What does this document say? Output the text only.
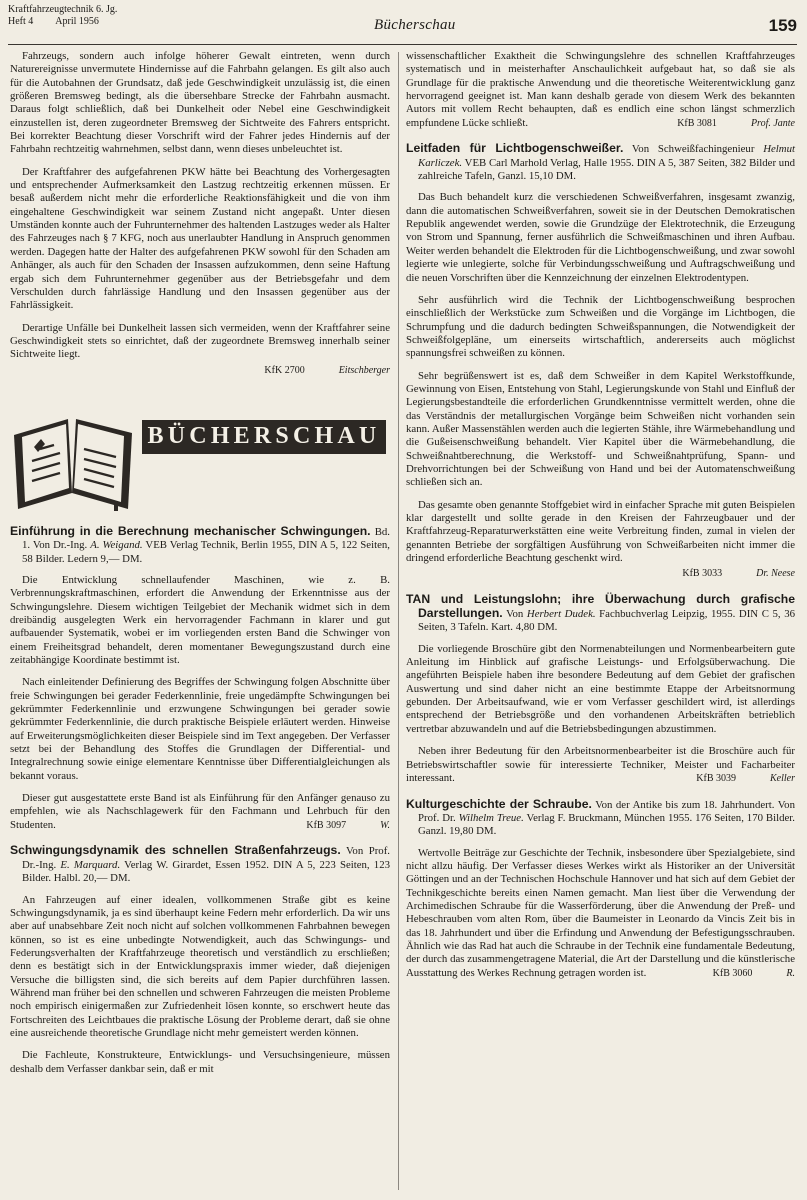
Kraftfahrzeugtechnik 6. Jg.
Heft 4 April 1956	Bücherschau	159

Fahrzeugs, sondern auch infolge höherer Gewalt eintreten, wenn durch Naturereignisse unvermutete Hindernisse auf die Fahrbahn gelangen. Es gilt also auch für die Autobahnen der Grundsatz, daß jede Geschwindigkeit unzulässig ist, die einen größeren Bremsweg bedingt, als die übersehbare Strecke der Fahrbahn ausmacht. Daraus folgt schließlich, daß bei Dunkelheit oder Nebel eine Geschwindigkeit einzustellen ist, deren zugeordneter Bremsweg der Sichtweite des Fahrers entspricht. Bei korrekter Beachtung dieser Vorschrift wird der Fahrer jedes Hindernis auf der Fahrbahn rechtzeitig wahrnehmen, selbst dann, wenn dieses unbeleuchtet ist.

Der Kraftfahrer des aufgefahrenen PKW hätte bei Beachtung des Vorhergesagten und entsprechender Aufmerksamkeit den Lastzug rechtzeitig erkennen müssen. Er besaß außerdem nicht mehr die erforderliche Reaktionsfähigkeit und die von ihm eingehaltene Geschwindigkeit war seinem Zustand nicht angepaßt. Unter diesen Umständen konnte auch der Fuhrunternehmer des haltenden Lastzuges weder als Halter des Fahrzeuges nach § 7 KFG, noch aus unerlaubter Handlung in Anspruch genommen werden. Dagegen hatte der Halter des aufgefahrenen PKW sowohl für den Schaden am Anhänger, als auch für den Schaden der Insassen aufzukommen, denn seine Haftung ergab sich dem Fuhrunternehmer gegenüber aus der Betriebsgefahr und dem Verschulden durch fahrlässige Handlung und den Insassen gegenüber aus der Fahrlässigkeit.

Derartige Unfälle bei Dunkelheit lassen sich vermeiden, wenn der Kraftfahrer seine Geschwindigkeit stets so einrichtet, daß der zugeordnete Bremsweg innerhalb seiner Sichtweite liegt.

KfK 2700	Eitschberger
BÜCHERSCHAU
Einführung in die Berechnung mechanischer Schwingungen. Bd. 1. Von Dr.-Ing. A. Weigand. VEB Verlag Technik, Berlin 1955, DIN A 5, 122 Seiten, 58 Bilder. Ledern 9,— DM.

Die Entwicklung schnellaufender Maschinen, wie z. B. Verbrennungskraftmaschinen, erfordert die Anwendung der Erkenntnisse aus der Schwingungslehre. Diesem wichtigen Teilgebiet der Mechanik widmet sich in dem dreibändig ausgelegten Werk ein hervorragender Fachmann in klarer und gut aufbauender Systematik, wobei er im vorliegenden ersten Band die Schwinger von einem Freiheitsgrad behandelt, deren momentaner Bewegungszustand durch eine zeitabhängige Koordinate bestimmt ist.

Nach einleitender Definierung des Begriffes der Schwingung folgen Abschnitte über freie Schwingungen bei gerader Federkennlinie, freie ungedämpfte Schwingungen bei gekrümmter Federkennlinie und erzwungene Schwingungen bei gerader sowie gekrümmter Federkennlinie, die durch praktische Beispiele erläutert werden. Hinweise auf Erweiterungsmöglichkeiten dieser Beispiele sind im Text angegeben. Der Verfasser setzt bei der Behandlung des Stoffes die Grundlagen der Differential- und Integralrechnung sowie einige elementare Kenntnisse über Differentialgleichungen als bekannt voraus.

Dieser gut ausgestattete erste Band ist als Einführung für den Anfänger genauso zu empfehlen, wie als Nachschlagewerk für den Fachmann und Lehrbuch für den Studenten.	KfB 3097	W.
Schwingungsdynamik des schnellen Straßenfahrzeugs. Von Prof. Dr.-Ing. E. Marquard. Verlag W. Girardet, Essen 1952. DIN A 5, 223 Seiten, 123 Bilder. Halbl. 20,— DM.

An Fahrzeugen auf einer idealen, vollkommenen Straße gibt es keine Schwingungsdynamik, ja es sind überhaupt keine Federn mehr erforderlich. Da wir uns aber auf unabsehbare Zeit noch nicht auf solchen vollkommenen Fahrbahnen bewegen können, so ist es eine unbedingte Notwendigkeit, auch das Schwingungs- und Federungsverhalten der Kraftfahrzeuge theoretisch und verständlich zu erschließen; denn es bestätigt sich in der Entwicklungspraxis immer wieder, daß diejenigen Versuche die billigsten sind, die sich bereits auf dem Papier durchführen lassen. Während man früher bei den schnellen und schweren Fahrzeugen die meisten Probleme noch empirisch einigermaßen zur Zufriedenheit lösen konnte, so erschwert heute das Fortschreiten des Leichtbaues die praktische Lösung der Probleme derart, daß sie ohne eine ausreichende theoretische Grundlage nicht mehr gemeistert werden können.

Die Fachleute, Konstrukteure, Entwicklungs- und Versuchsingenieure, müssen deshalb dem Verfasser dankbar sein, daß er mit

wissenschaftlicher Exaktheit die Schwingungslehre des schnellen Kraftfahrzeuges systematisch und in meisterhafter Anschaulichkeit aufgebaut hat, so daß sie als Grundlage für die praktische Anwendung und die theoretische Weiterentwicklung ganz hervorragend geeignet ist. Man kann deshalb gerade von diesem Werk des bekannten Autors mit vollem Recht behaupten, daß es endlich eine schon längst schmerzlich empfundene Lücke schließt.	KfB 3081	Prof. Jante
Leitfaden für Lichtbogenschweißer. Von Schweißfachingenieur Helmut Karliczek. VEB Carl Marhold Verlag, Halle 1955. DIN A 5, 387 Seiten, 382 Bilder und zahlreiche Tafeln, Ganzl. 15,10 DM.

Das Buch behandelt kurz die verschiedenen Schweißverfahren, insgesamt zwanzig, dann die automatischen Schweißverfahren, soweit sie in der Deutschen Demokratischen Republik angewendet werden, sowie die Grundzüge der Elektrotechnik, die Erzeugung von Strom und Spannung, ferner ausführlich die Schweißmaschinen und ihren Aufbau. Weiter werden behandelt die Elektroden für die Lichtbogenschweißung, und zwar sowohl legierte wie unlegierte, solche für Verbindungsschweißung und Auftragschweißung und die neuen Vorschriften über die Kennzeichnung der einzelnen Elektrodentypen.

Sehr ausführlich wird die Technik der Lichtbogenschweißung besprochen einschließlich der Werkstücke zum Schweißen und die Vorgänge im Lichtbogen, die Schrumpfung und die dadurch bedingten Schweißspannungen, die Notwendigkeit der Schweißfolgepläne, um einerseits wirtschaftlich, andererseits auch möglichst spannungsfrei schweißen zu können.

Sehr begrüßenswert ist es, daß dem Schweißer in dem Kapitel Werkstoffkunde, Gewinnung von Eisen, Entstehung von Stahl, Legierungskunde von Stahl und Einfluß der Legierungsbestandteile die erforderlichen Grundkenntnisse vermittelt werden, ohne die das Verständnis der metallurgischen Vorgänge beim Schweißen nicht vorhanden sein kann. Außer Massenstählen werden auch die legierten Stähle, ihre Wärmebehandlung und die Gußeisenschweißung behandelt. Vier Kapitel über die Wärmebehandlung, die Schweißnahtberechnung, die Werkstoff- und Schweißnahtprüfung, Spann- und Drehvorrichtungen bei der Schweißung von Hand und bei der Automatenschweißung schließen sich an.

Das gesamte oben genannte Stoffgebiet wird in einfacher Sprache mit guten Beispielen klar dargestellt und sollte gerade in den Kreisen der Fahrzeugbauer und der Kraftfahrzeug-Reparaturwerkstätten eine weite Verbreitung finden, zumal in vielen der genannten Betriebe der sorgfältigen Ausführung von Schweißarbeiten nicht immer die dringend erforderliche Beachtung geschenkt wird.

KfB 3033	Dr. Neese
TAN und Leistungslohn; ihre Überwachung durch grafische Darstellungen. Von Herbert Dudek. Fachbuchverlag Leipzig, 1955. DIN C 5, 36 Seiten, 3 Tafeln. Kart. 4,80 DM.

Die vorliegende Broschüre gibt den Normenabteilungen und Normenbearbeitern gute Anleitung im Hinblick auf grafische Leistungs- und Erfolgsüberwachung. Die angeführten Beispiele haben ihre besondere Bedeutung auf dem Gebiet der grafischen Auswertung und sind daher nicht an eine bestimmte Etappe der Arbeitsnormung gebunden. Der Arbeitsaufwand, wie er vom Verfasser geschildert wird, ist allerdings entsprechend der Betriebsgröße und den vorhandenen Arbeitskräften betrieblich vertretbar abzuwandeln und auf die Betriebsbedingungen abzustimmen.

Neben ihrer Bedeutung für den Arbeitsnormenbearbeiter ist die Broschüre auch für Betriebswirtschaftler sowie für interessierte Techniker, Meister und Facharbeiter interessant.	KfB 3039	Keller
Kulturgeschichte der Schraube. Von der Antike bis zum 18. Jahrhundert. Von Prof. Dr. Wilhelm Treue. Verlag F. Bruckmann, München 1955. 176 Seiten, 170 Bilder. Ganzl. 19,80 DM.

Wertvolle Beiträge zur Geschichte der Technik, insbesondere über Spezialgebiete, sind nicht allzu häufig. Der Verfasser dieses Werkes wirkt als Historiker an der Universität Göttingen und an der Technischen Hochschule Hannover und hat sich auf dem Gebiet der Technikgeschichte bereits einen Namen gemacht. Man liest über die Verwendung der Archimedischen Schraube für die Wasserförderung, über die Anwendung der Preß- und Hebeschrauben vom alten Rom, über die Baumeister in Leonardo da Vincis Zeit bis in das 18. Jahrhundert und über die Erfindung und Anwendung der Befestigungsschrauben. Ähnlich wie das Rad hat auch die Schraube in der Technik eine fundamentale Bedeutung, der durch das zusammengetragene Material, die Art der Darstellung und die künstlerische Ausstattung des Werkes Rechnung getragen worden ist.	KfB 3060	R.
